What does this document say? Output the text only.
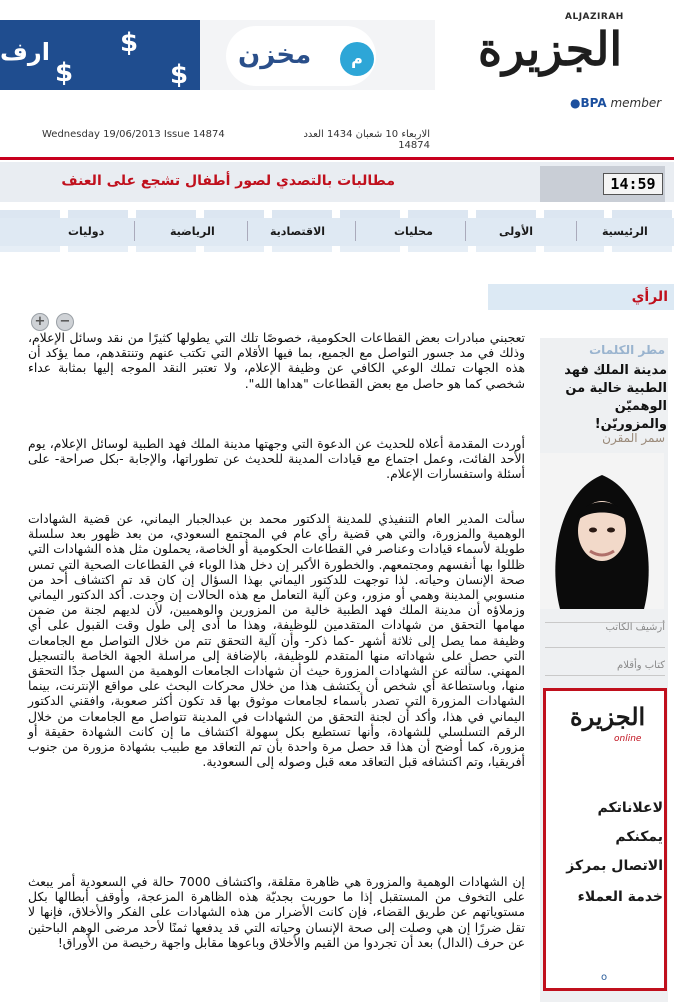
ارف	$
$	$
مخزن	م
ALJAZIRAH
الجزيرة
●BPA member
Wednesday 19/06/2013 Issue 14874	الاربعاء 10 شعبان 1434 العدد 14874
مطالبات بالتصدي لصور أطفال تشجع على العنف	14:59
الرئيسية
الأولى
محليات
الاقتصادية
الرياضية
دوليات
الرأي
+ −
مطر الكلمات
مدينة الملك فهد الطبية خالية من الوهميّن والمزوريّن!
سمر المقرن
أرشيف الكاتب
كتاب وأقلام
الجزيرة
online
لاعلاناتكم
يمكنكم
الاتصال بمركز
خدمة العملاء
o
تعجبني مبادرات بعض القطاعات الحكومية، خصوصًا تلك التي يطولها كثيرًا من نقد وسائل الإعلام، وذلك في مد جسور التواصل مع الجميع، بما فيها الأقلام التي تكتب عنهم وتنتقدهم، مما يؤكد أن هذه الجهات تملك الوعي الكافي عن وظيفة الإعلام، ولا تعتبر النقد الموجه إليها بمثابة عداء شخصي كما هو حاصل مع بعض القطاعات "هداها الله".
أوردت المقدمة أعلاه للحديث عن الدعوة التي وجهتها مدينة الملك فهد الطبية لوسائل الإعلام، يوم الأحد الفائت، وعمل اجتماع مع قيادات المدينة للحديث عن تطوراتها، والإجابة -بكل صراحة- على أسئلة واستفسارات الإعلام.
سألت المدير العام التنفيذي للمدينة الدكتور محمد بن عبدالجبار اليماني، عن قضية الشهادات الوهمية والمزورة، والتي هي قضية رأي عام في المجتمع السعودي، من بعد ظهور بعد سلسلة طويلة لأسماء قيادات وعناصر في القطاعات الحكومية أو الخاصة، يحملون مثل هذه الشهادات التي ظللوا بها أنفسهم ومجتمعهم. والخطورة الأكبر إن دخل هذا الوباء في القطاعات الصحية التي تمس صحة الإنسان وحياته. لذا توجهت للدكتور اليماني بهذا السؤال إن كان قد تم اكتشاف أحد من منسوبي المدينة وهمي أو مزور، وعن آلية التعامل مع هذه الحالات إن وجدت. أكد الدكتور اليماني وزملاؤه أن مدينة الملك فهد الطبية خالية من المزورين والوهميين، لأن لديهم لجنة من ضمن مهامها التحقق من شهادات المتقدمين للوظيفة، وهذا ما أدى إلى طول وقت القبول على أي وظيفة مما يصل إلى ثلاثة أشهر -كما ذكر- وأن آلية التحقق تتم من خلال التواصل مع الجامعات التي حصل على شهاداته منها المتقدم للوظيفة، بالإضافة إلى مراسلة الجهة الخاصة بالتسجيل المهني. سألته عن الشهادات المزورة حيث أن شهادات الجامعات الوهمية من السهل جدًا التحقق منها، وباستطاعة أي شخص أن يكتشف هذا من خلال محركات البحث على مواقع الإنترنت، بينما الشهادات المزورة التي تصدر بأسماء لجامعات موثوق بها قد تكون أكثر صعوبة، وافقني الدكتور اليماني في هذا، وأكد أن لجنة التحقق من الشهادات في المدينة تتواصل مع الجامعات من خلال الرقم التسلسلي للشهادة، وأنها تستطيع بكل سهولة اكتشاف ما إن كانت الشهادة حقيقة أو مزورة، كما أوضح أن هذا قد حصل مرة واحدة بأن تم التعاقد مع طبيب بشهادة مزورة من جنوب أفريقيا، وتم اكتشافه قبل التعاقد معه قبل وصوله إلى السعودية.
إن الشهادات الوهمية والمزورة هي ظاهرة مقلقة، واكتشاف 7000 حالة في السعودية أمر يبعث على التخوف من المستقبل إذا ما حوربت بجديّة هذه الظاهرة المزعجة، وأوقف أبطالها بكل مستوياتهم عن طريق القضاء، فإن كانت الأضرار من هذه الشهادات على الفكر والأخلاق، فإنها لا تقل ضررًا إن هي وصلت إلى صحة الإنسان وحياته التي قد يدفعها ثمنًا لأحد مرضى الوهم الباحثين عن حرف (الدال) بعد أن تجردوا من القيم والأخلاق وباعوها مقابل واجهة رخيصة من الأوراق!
